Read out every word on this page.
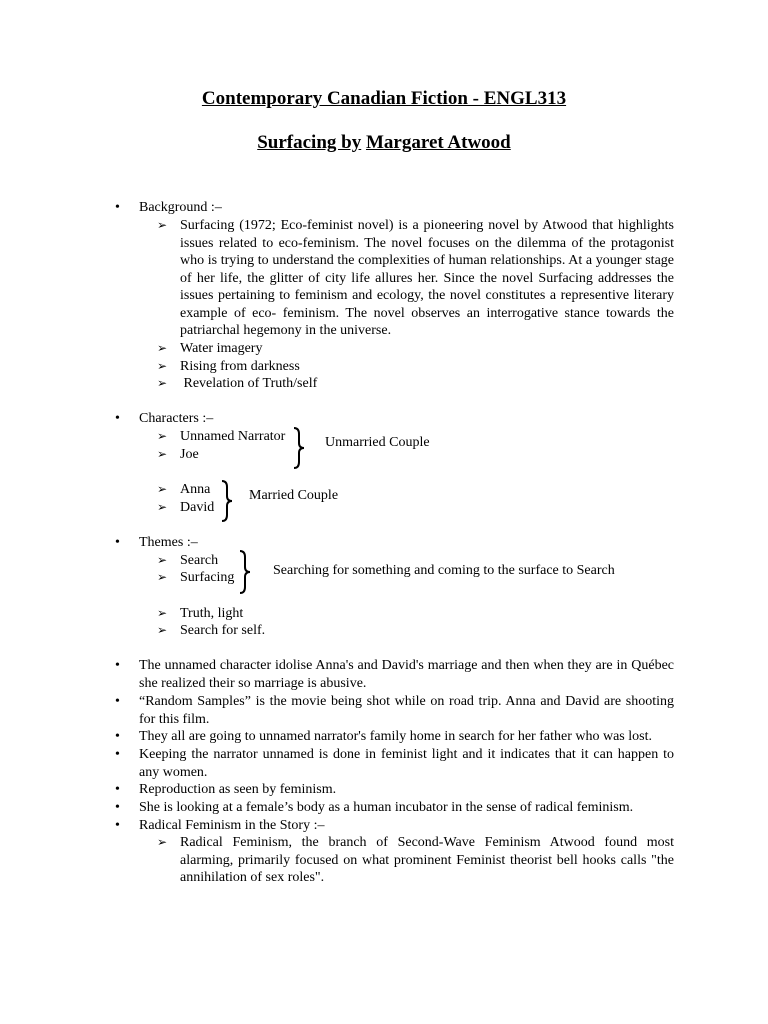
Contemporary Canadian Fiction - ENGL313
Surfacing by Margaret Atwood
• Background :–
➢ Surfacing (1972; Eco-feminist novel) is a pioneering novel by Atwood that highlights issues related to eco-feminism. The novel focuses on the dilemma of the protagonist who is trying to understand the complexities of human relationships. At a younger stage of her life, the glitter of city life allures her. Since the novel Surfacing addresses the issues pertaining to feminism and ecology, the novel constitutes a representive literary example of eco- feminism. The novel observes an interrogative stance towards the patriarchal hegemony in the universe.
➢ Water imagery
➢ Rising from darkness
➢ Revelation of Truth/self
• Characters :–
➢ Unnamed Narrator
➢ Joe
Unmarried Couple
➢ Anna
➢ David
Married Couple
• Themes :–
➢ Search
➢ Surfacing	Searching for something and coming to the surface to Search
➢ Truth, light
➢ Search for self.
• The unnamed character idolise Anna's and David's marriage and then when they are in Québec she realized their so marriage is abusive.
• “Random Samples” is the movie being shot while on road trip. Anna and David are shooting for this film.
• They all are going to unnamed narrator's family home in search for her father who was lost.
• Keeping the narrator unnamed is done in feminist light and it indicates that it can happen to any women.
• Reproduction as seen by feminism.
• She is looking at a female’s body as a human incubator in the sense of radical feminism.
• Radical Feminism in the Story :–
➢ Radical Feminism, the branch of Second-Wave Feminism Atwood found most alarming, primarily focused on what prominent Feminist theorist bell hooks calls "the annihilation of sex roles".
